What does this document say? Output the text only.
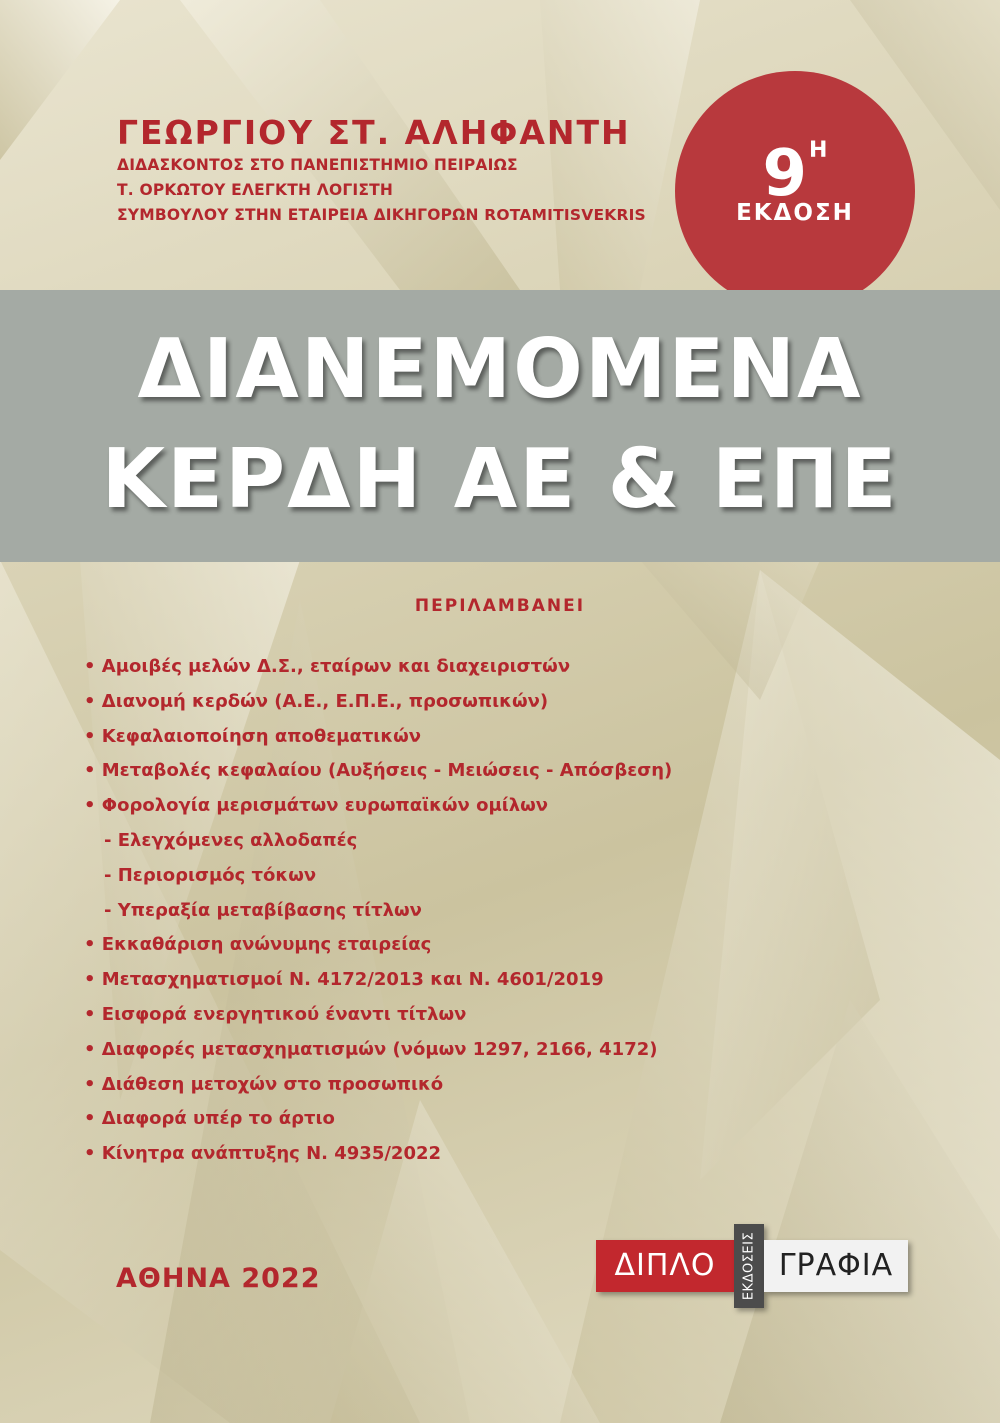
ΓΕΩΡΓΙΟΥ ΣΤ. ΑΛΗΦΑΝΤΗ
ΔΙΔΑΣΚΟΝΤΟΣ ΣΤΟ ΠΑΝΕΠΙΣΤΗΜΙΟ ΠΕΙΡΑΙΩΣ
Τ. ΟΡΚΩΤΟΥ ΕΛΕΓΚΤΗ ΛΟΓΙΣΤΗ
ΣΥΜΒΟΥΛΟΥ ΣΤΗΝ ΕΤΑΙΡΕΙΑ ΔΙΚΗΓΟΡΩΝ ROTAMITISVEKRIS
$9^H$
ΕΚΔΟΣΗ
ΔΙΑΝΕΜΟΜΕΝΑ
ΚΕΡΔΗ ΑΕ & ΕΠΕ
ΠΕΡΙΛΑΜΒΑΝΕΙ
• Αμοιβές μελών Δ.Σ., εταίρων και διαχειριστών
• Διανομή κερδών (Α.Ε., Ε.Π.Ε., προσωπικών)
• Κεφαλαιοποίηση αποθεματικών
• Μεταβολές κεφαλαίου (Αυξήσεις - Μειώσεις - Απόσβεση)
• Φορολογία μερισμάτων ευρωπαϊκών ομίλων
- Ελεγχόμενες αλλοδαπές
- Περιορισμός τόκων
- Υπεραξία μεταβίβασης τίτλων
• Εκκαθάριση ανώνυμης εταιρείας
• Μετασχηματισμοί Ν. 4172/2013 και Ν. 4601/2019
• Εισφορά ενεργητικού έναντι τίτλων
• Διαφορές μετασχηματισμών (νόμων 1297, 2166, 4172)
• Διάθεση μετοχών στο προσωπικό
• Διαφορά υπέρ το άρτιο
• Κίνητρα ανάπτυξης Ν. 4935/2022
ΑΘΗΝΑ 2022	ΔΙΠΛΟ	ΕΚΔΟΣΕΙΣ ΓΡΑΦΙΑ
